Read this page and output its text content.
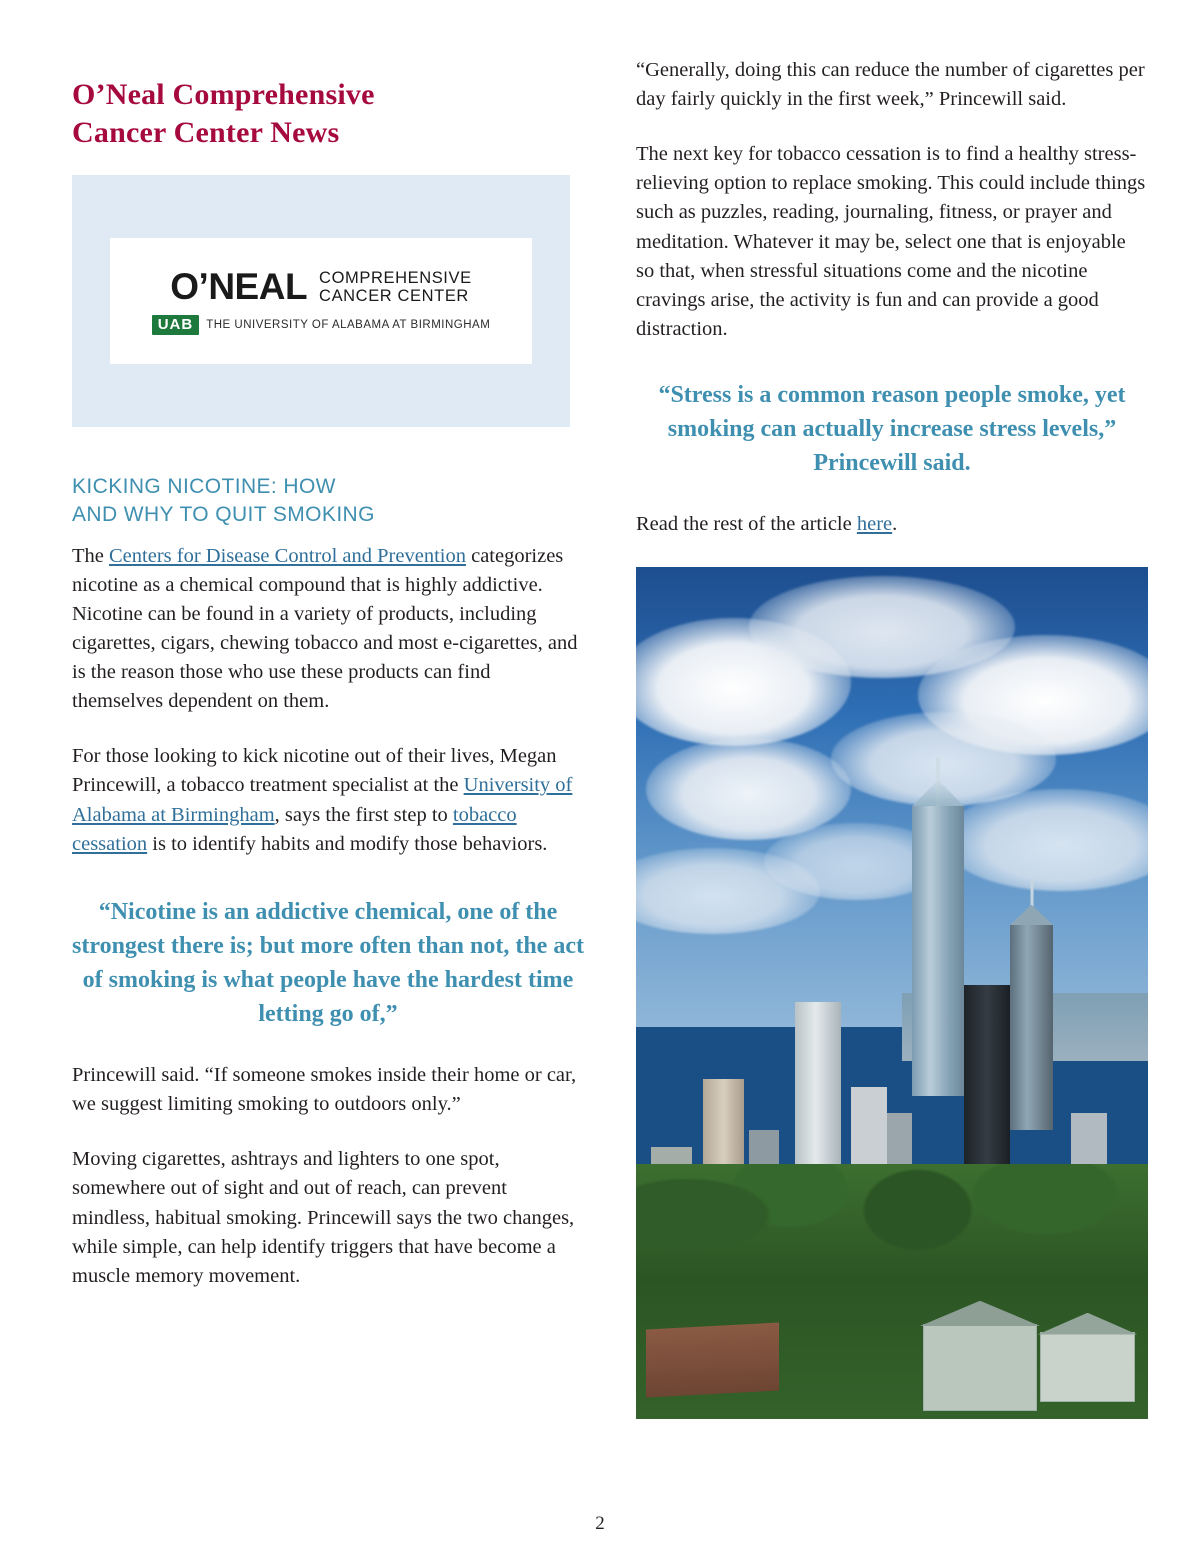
O’Neal Comprehensive
Cancer Center News
O’NEAL COMPREHENSIVE
CANCER CENTER
UAB	THE UNIVERSITY OF ALABAMA AT BIRMINGHAM
KICKING NICOTINE: HOW
AND WHY TO QUIT SMOKING

The Centers for Disease Control and Prevention categorizes nicotine as a chemical compound that is highly addictive. Nicotine can be found in a variety of products, including cigarettes, cigars, chewing tobacco and most e-cigarettes, and is the reason those who use these products can find themselves dependent on them.

For those looking to kick nicotine out of their lives, Megan Princewill, a tobacco treatment specialist at the University of Alabama at Birmingham, says the first step to tobacco cessation is to identify habits and modify those behaviors.

“Nicotine is an addictive chemical, one of the strongest there is; but more often than not, the act of smoking is what people have the hardest time letting go of,”

Princewill said. “If someone smokes inside their home or car, we suggest limiting smoking to outdoors only.”

Moving cigarettes, ashtrays and lighters to one spot, somewhere out of sight and out of reach, can prevent mindless, habitual smoking. Princewill says the two changes, while simple, can help identify triggers that have become a muscle memory movement.

“Generally, doing this can reduce the number of cigarettes per day fairly quickly in the first week,” Princewill said.

The next key for tobacco cessation is to find a healthy stress-relieving option to replace smoking. This could include things such as puzzles, reading, journaling, fitness, or prayer and meditation. Whatever it may be, select one that is enjoyable so that, when stressful situations come and the nicotine cravings arise, the activity is fun and can provide a good distraction.

“Stress is a common reason people smoke, yet smoking can actually increase stress levels,” Princewill said.

Read the rest of the article here.

2
